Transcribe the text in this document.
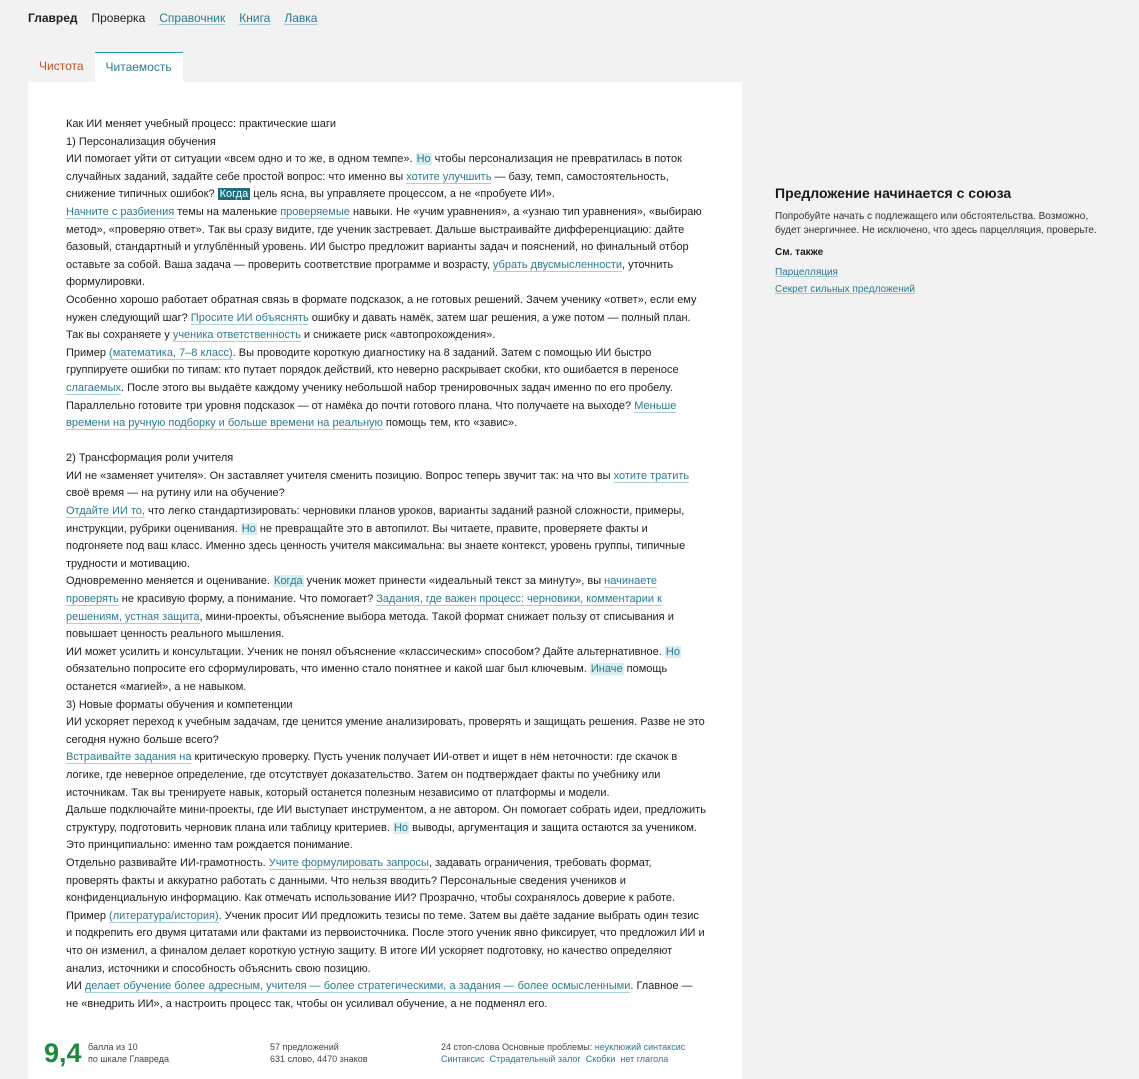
Главред Проверка Справочник Книга Лавка
Чистота	Читаемость

Как ИИ меняет учебный процесс: практические шаги

1) Персонализация обучения

ИИ помогает уйти от ситуации «всем одно и то же, в одном темпе». Но чтобы персонализация не превратилась в поток случайных заданий, задайте себе простой вопрос: что именно вы хотите улучшить — базу, темп, самостоятельность, снижение типичных ошибок? Когда цель ясна, вы управляете процессом, а не «пробуете ИИ».

Начните с разбиения темы на маленькие проверяемые навыки. Не «учим уравнения», а «узнаю тип уравнения», «выбираю метод», «проверяю ответ». Так вы сразу видите, где ученик застревает. Дальше выстраивайте дифференциацию: дайте базовый, стандартный и углублённый уровень. ИИ быстро предложит варианты задач и пояснений, но финальный отбор оставьте за собой. Ваша задача — проверить соответствие программе и возрасту, убрать двусмысленности, уточнить формулировки.

Особенно хорошо работает обратная связь в формате подсказок, а не готовых решений. Зачем ученику «ответ», если ему нужен следующий шаг? Просите ИИ объяснять ошибку и давать намёк, затем шаг решения, а уже потом — полный план. Так вы сохраняете у ученика ответственность и снижаете риск «автопрохождения».

Пример (математика, 7–8 класс). Вы проводите короткую диагностику на 8 заданий. Затем с помощью ИИ быстро группируете ошибки по типам: кто путает порядок действий, кто неверно раскрывает скобки, кто ошибается в переносе слагаемых. После этого вы выдаёте каждому ученику небольшой набор тренировочных задач именно по его пробелу. Параллельно готовите три уровня подсказок — от намёка до почти готового плана. Что получаете на выходе? Меньше времени на ручную подборку и больше времени на реальную помощь тем, кто «завис».

2) Трансформация роли учителя

ИИ не «заменяет учителя». Он заставляет учителя сменить позицию. Вопрос теперь звучит так: на что вы хотите тратить своё время — на рутину или на обучение?

Отдайте ИИ то, что легко стандартизировать: черновики планов уроков, варианты заданий разной сложности, примеры, инструкции, рубрики оценивания. Но не превращайте это в автопилот. Вы читаете, правите, проверяете факты и подгоняете под ваш класс. Именно здесь ценность учителя максимальна: вы знаете контекст, уровень группы, типичные трудности и мотивацию.

Одновременно меняется и оценивание. Когда ученик может принести «идеальный текст за минуту», вы начинаете проверять не красивую форму, а понимание. Что помогает? Задания, где важен процесс: черновики, комментарии к решениям, устная защита, мини-проекты, объяснение выбора метода. Такой формат снижает пользу от списывания и повышает ценность реального мышления.

ИИ может усилить и консультации. Ученик не понял объяснение «классическим» способом? Дайте альтернативное. Но обязательно попросите его сформулировать, что именно стало понятнее и какой шаг был ключевым. Иначе помощь останется «магией», а не навыком.

3) Новые форматы обучения и компетенции

ИИ ускоряет переход к учебным задачам, где ценится умение анализировать, проверять и защищать решения. Разве не это сегодня нужно больше всего?

Встраивайте задания на критическую проверку. Пусть ученик получает ИИ-ответ и ищет в нём неточности: где скачок в логике, где неверное определение, где отсутствует доказательство. Затем он подтверждает факты по учебнику или источникам. Так вы тренируете навык, который останется полезным независимо от платформы и модели.

Дальше подключайте мини-проекты, где ИИ выступает инструментом, а не автором. Он помогает собрать идеи, предложить структуру, подготовить черновик плана или таблицу критериев. Но выводы, аргументация и защита остаются за учеником. Это принципиально: именно там рождается понимание.

Отдельно развивайте ИИ-грамотность. Учите формулировать запросы, задавать ограничения, требовать формат, проверять факты и аккуратно работать с данными. Что нельзя вводить? Персональные сведения учеников и конфиденциальную информацию. Как отмечать использование ИИ? Прозрачно, чтобы сохранялось доверие к работе.

Пример (литература/история). Ученик просит ИИ предложить тезисы по теме. Затем вы даёте задание выбрать один тезис и подкрепить его двумя цитатами или фактами из первоисточника. После этого ученик явно фиксирует, что предложил ИИ и что он изменил, а финалом делает короткую устную защиту. В итоге ИИ ускоряет подготовку, но качество определяют анализ, источники и способность объяснить свою позицию.

ИИ делает обучение более адресным, учителя — более стратегическими, а задания — более осмысленными. Главное — не «внедрить ИИ», а настроить процесс так, чтобы он усиливал обучение, а не подменял его.

9,4 балла из 10
по шкале Главреда
57 предложений
631 слово, 4470 знаков
24 стоп-слова Основные проблемы: неуклюжий синтаксис
Синтаксис Страдательный залог Скобки нет глагола
Предложение начинается с союза
Попробуйте начать с подлежащего или обстоятельства. Возможно, будет энергичнее. Не исключено, что здесь парцелляция, проверьте.
См. также
Парцелляция
Секрет сильных предложений
